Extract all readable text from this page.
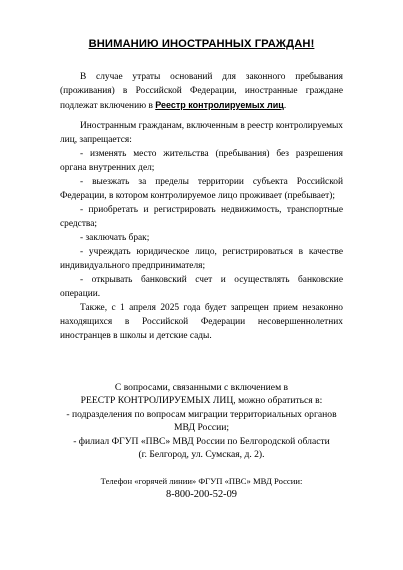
ВНИМАНИЮ ИНОСТРАННЫХ ГРАЖДАН!

В случае утраты оснований для законного пребывания (проживания) в Российской Федерации, иностранные граждане подлежат включению в Реестр контролируемых лиц.

Иностранным гражданам, включенным в реестр контролируемых лиц, запрещается:

- изменять место жительства (пребывания) без разрешения органа внутренних дел;

- выезжать за пределы территории субъекта Российской Федерации, в котором контролируемое лицо проживает (пребывает);

- приобретать и регистрировать недвижимость, транспортные средства;

- заключать брак;

- учреждать юридическое лицо, регистрироваться в качестве индивидуального предпринимателя;

- открывать банковский счет и осуществлять банковские операции.

Также, с 1 апреля 2025 года будет запрещен прием незаконно находящихся в Российской Федерации несовершеннолетних иностранцев в школы и детские сады.

С вопросами, связанными с включением в
РЕЕСТР КОНТРОЛИРУЕМЫХ ЛИЦ, можно обратиться в:
- подразделения по вопросам миграции территориальных органов
МВД России;
- филиал ФГУП «ПВС» МВД России по Белгородской области
(г. Белгород, ул. Сумская, д. 2).
Телефон «горячей линии» ФГУП «ПВС» МВД России:
8-800-200-52-09
